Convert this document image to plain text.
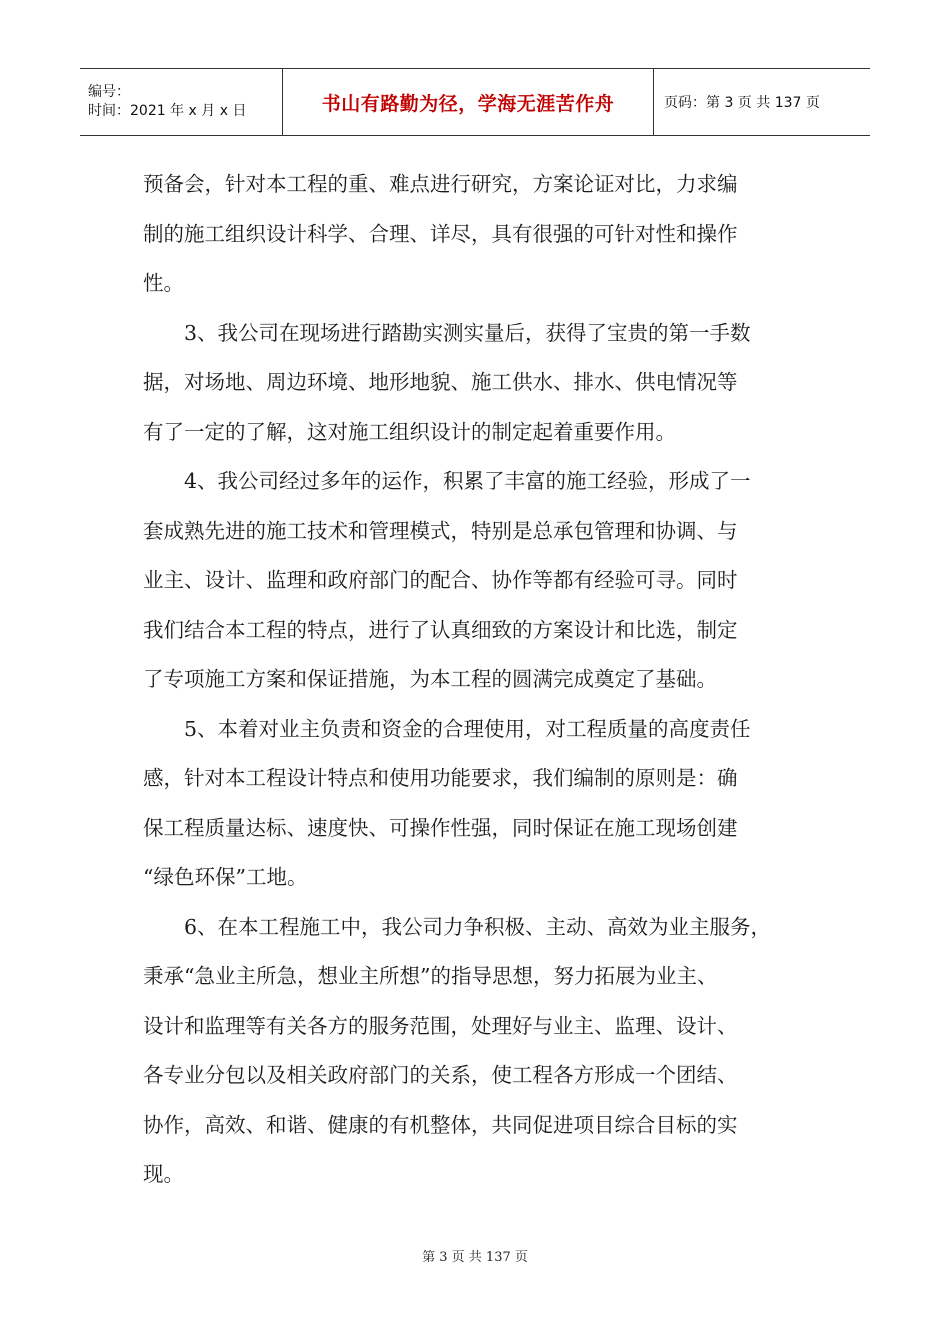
编号：
时间：2021 年 x 月 x 日	书山有路勤为径，学海无涯苦作舟	页码：第 3 页 共 137 页
预备会，针对本工程的重、难点进行研究，方案论证对比，力求编
制的施工组织设计科学、合理、详尽，具有很强的可针对性和操作
性。
　　3、我公司在现场进行踏勘实测实量后，获得了宝贵的第一手数
据，对场地、周边环境、地形地貌、施工供水、排水、供电情况等
有了一定的了解，这对施工组织设计的制定起着重要作用。
　　4、我公司经过多年的运作，积累了丰富的施工经验，形成了一
套成熟先进的施工技术和管理模式，特别是总承包管理和协调、与
业主、设计、监理和政府部门的配合、协作等都有经验可寻。同时
我们结合本工程的特点，进行了认真细致的方案设计和比选，制定
了专项施工方案和保证措施，为本工程的圆满完成奠定了基础。
　　5、本着对业主负责和资金的合理使用，对工程质量的高度责任
感，针对本工程设计特点和使用功能要求，我们编制的原则是：确
保工程质量达标、速度快、可操作性强，同时保证在施工现场创建
“绿色环保”工地。
　　6、在本工程施工中，我公司力争积极、主动、高效为业主服务，
秉承“急业主所急，想业主所想”的指导思想，努力拓展为业主、
设计和监理等有关各方的服务范围，处理好与业主、监理、设计、
各专业分包以及相关政府部门的关系，使工程各方形成一个团结、
协作，高效、和谐、健康的有机整体，共同促进项目综合目标的实
现。
第 3 页 共 137 页
